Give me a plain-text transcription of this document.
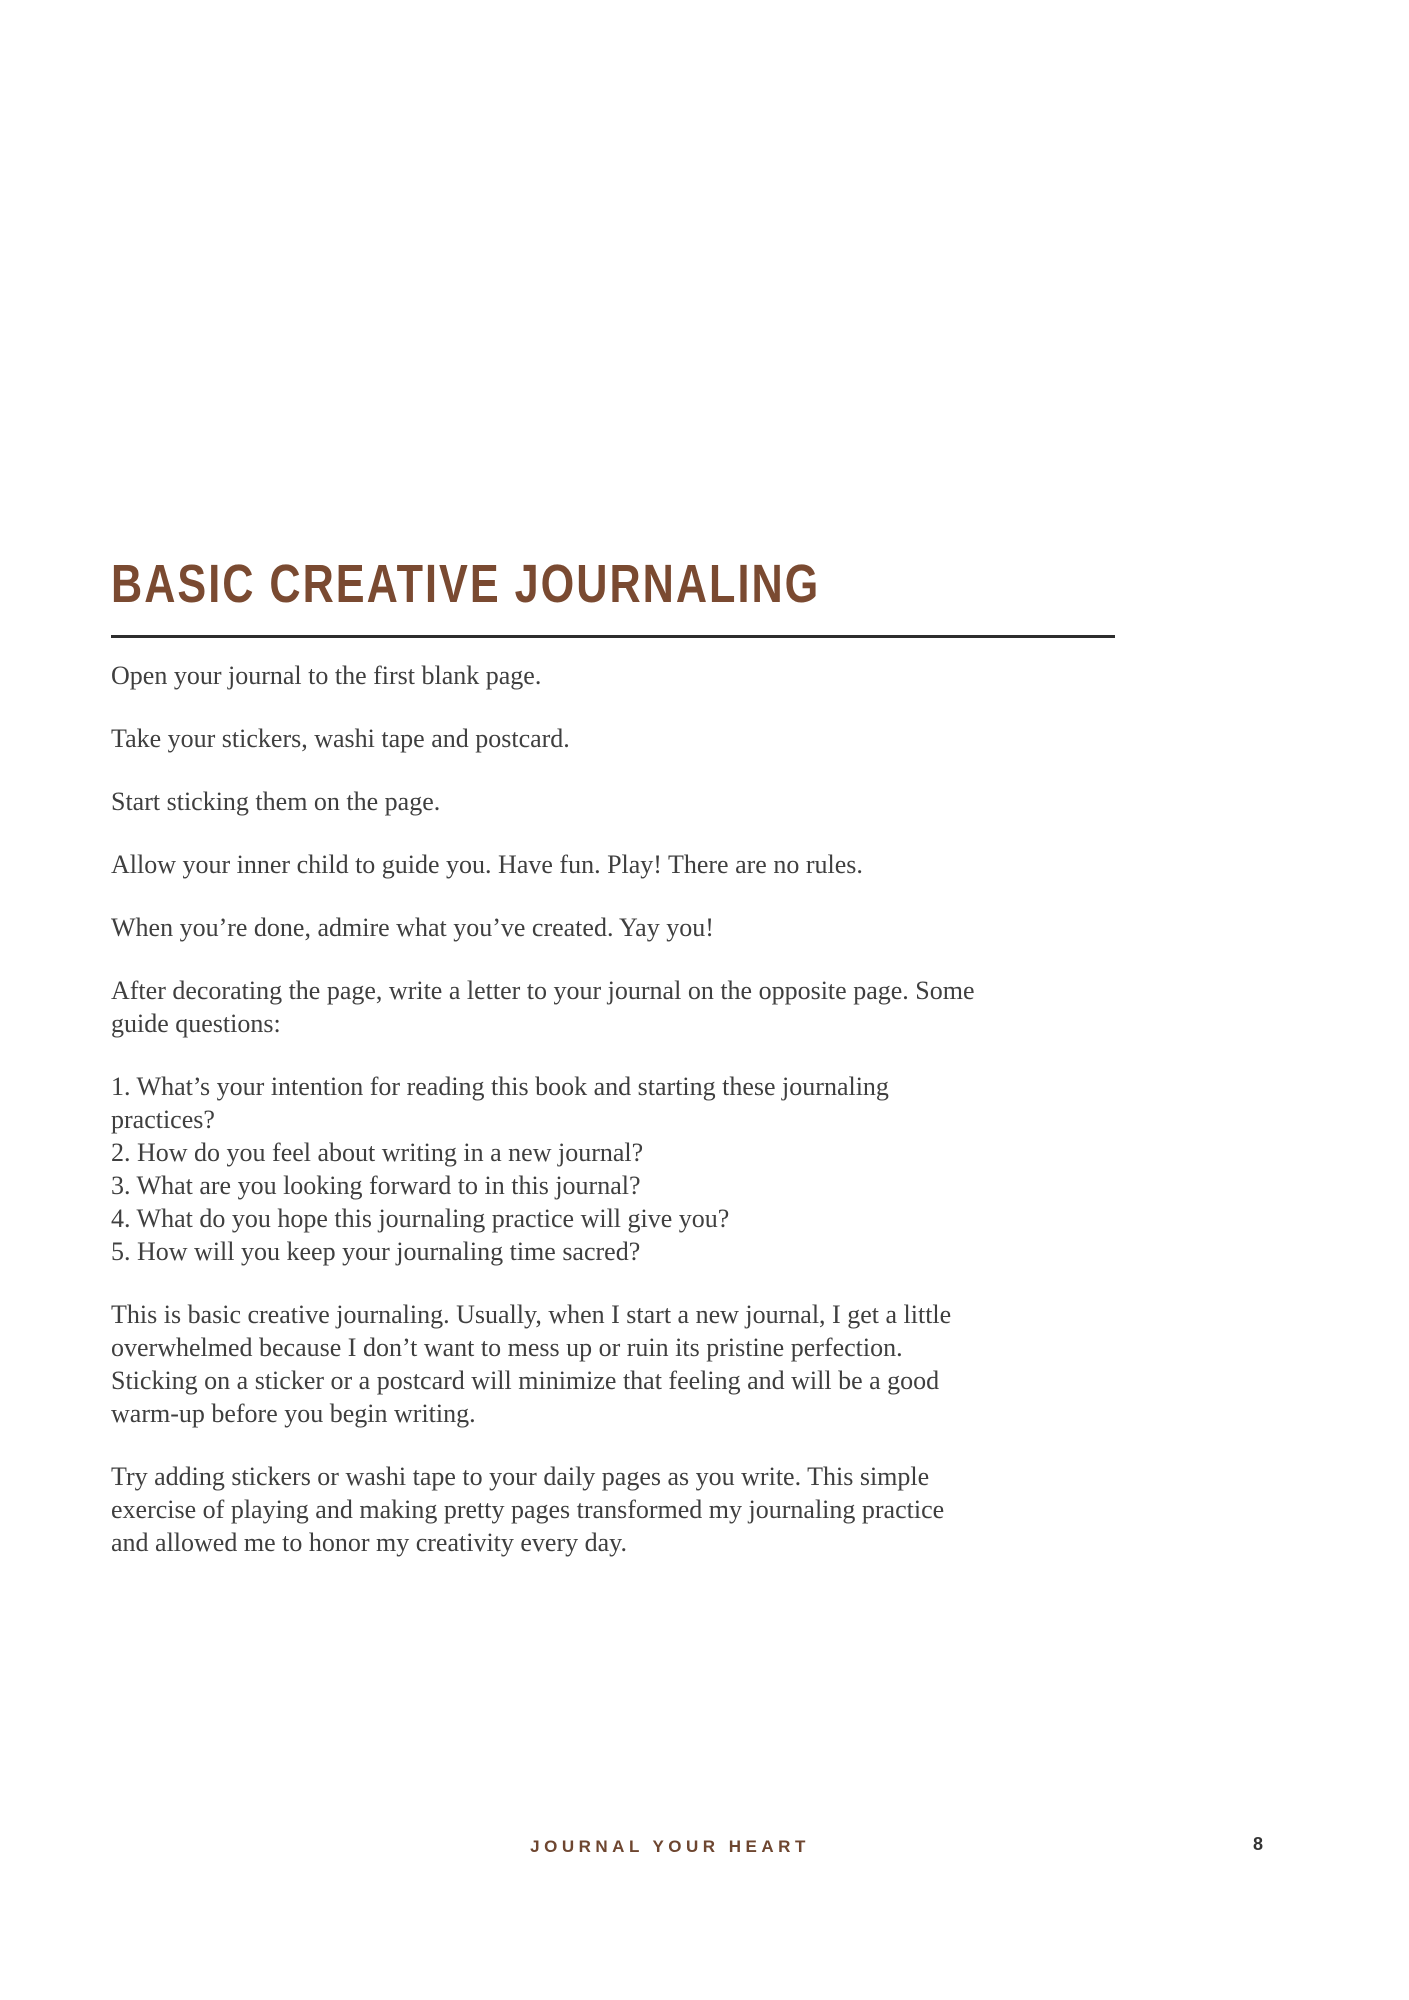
BASIC CREATIVE JOURNALING

Open your journal to the first blank page.

Take your stickers, washi tape and postcard.

Start sticking them on the page.

Allow your inner child to guide you. Have fun. Play! There are no rules.

When you’re done, admire what you’ve created. Yay you!

After decorating the page, write a letter to your journal on the opposite page. Some
guide questions:

1. What’s your intention for reading this book and starting these journaling
practices?
2. How do you feel about writing in a new journal?
3. What are you looking forward to in this journal?
4. What do you hope this journaling practice will give you?
5. How will you keep your journaling time sacred?

This is basic creative journaling. Usually, when I start a new journal, I get a little
overwhelmed because I don’t want to mess up or ruin its pristine perfection.
Sticking on a sticker or a postcard will minimize that feeling and will be a good
warm-up before you begin writing.

Try adding stickers or washi tape to your daily pages as you write. This simple
exercise of playing and making pretty pages transformed my journaling practice
and allowed me to honor my creativity every day.

JOURNAL YOUR HEART	8
